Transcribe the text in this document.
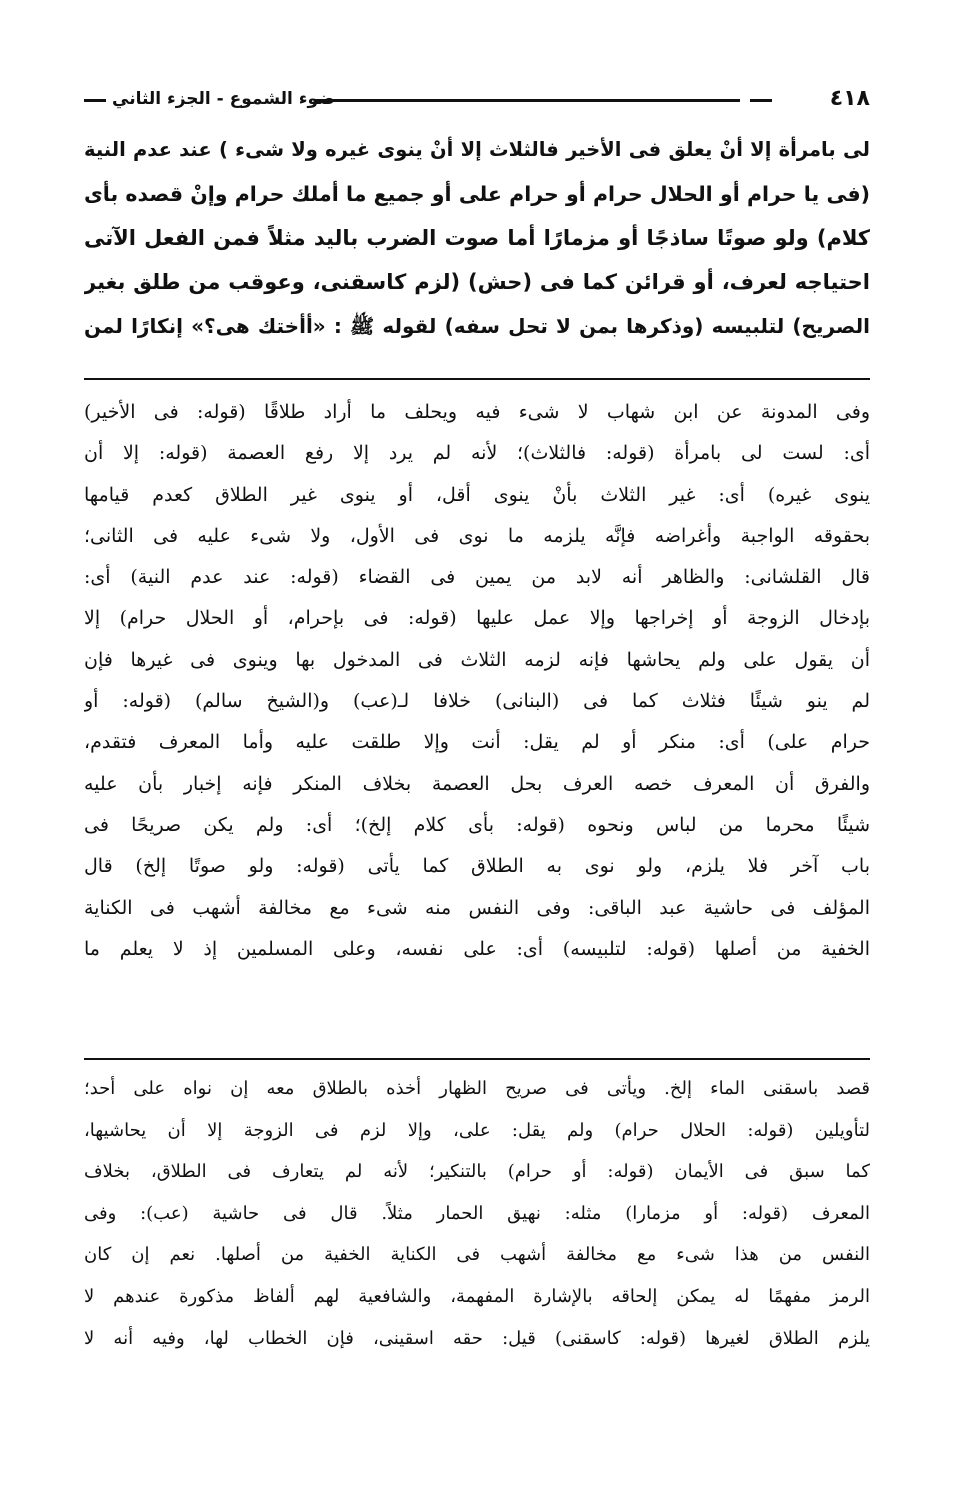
٤١٨
ضوء الشموع - الجزء الثاني
لى بامرأة إلا أنْ يعلق فى الأخير فالثلاث إلا أنْ ينوى غيره ولا شىء ) عند عدم النية
(فى يا حرام أو الحلال حرام أو حرام على أو جميع ما أملك حرام وإنْ قصده بأى
كلام) ولو صوتًا ساذجًا أو مزمارًا أما صوت الضرب باليد مثلاً فمن الفعل الآتى
احتياجه لعرف، أو قرائن كما فى (حش) (لزم كاسقنى، وعوقب من طلق بغير
الصريح) لتلبيسه (وذكرها بمن لا تحل سفه) لقوله ﷺ : «أأختك هى؟» إنكارًا لمن
وفى المدونة عن ابن شهاب لا شىء فيه ويحلف ما أراد طلاقًا (قوله: فى الأخير)
أى: لست لى بامرأة (قوله: فالثلاث)؛ لأنه لم يرد إلا رفع العصمة (قوله: إلا أن
ينوى غيره) أى: غير الثلاث بأنْ ينوى أقل، أو ينوى غير الطلاق كعدم قيامها
بحقوقه الواجبة وأغراضه فإنَّه يلزمه ما نوى فى الأول، ولا شىء عليه فى الثانى؛
قال القلشانى: والظاهر أنه لابد من يمين فى القضاء (قوله: عند عدم النية) أى:
بإدخال الزوجة أو إخراجها وإلا عمل عليها (قوله: فى بإحرام، أو الحلال حرام) إلا
أن يقول على ولم يحاشها فإنه لزمه الثلاث فى المدخول بها وينوى فى غيرها فإن
لم ينو شيئًا فثلاث كما فى (البنانى) خلافا لـ(عب) و(الشيخ سالم) (قوله: أو
حرام على) أى: منكر أو لم يقل: أنت وإلا طلقت عليه وأما المعرف فتقدم،
والفرق أن المعرف خصه العرف بحل العصمة بخلاف المنكر فإنه إخبار بأن عليه
شيئًا محرما من لباس ونحوه (قوله: بأى كلام إلخ)؛ أى: ولم يكن صريحًا فى
باب آخر فلا يلزم، ولو نوى به الطلاق كما يأتى (قوله: ولو صوتًا إلخ) قال
المؤلف فى حاشية عبد الباقى: وفى النفس منه شىء مع مخالفة أشهب فى الكناية
الخفية من أصلها (قوله: لتلبيسه) أى: على نفسه، وعلى المسلمين إذ لا يعلم ما
قصد باسقنى الماء إلخ. ويأتى فى صريح الظهار أخذه بالطلاق معه إن نواه على أحد؛
لتأويلين (قوله: الحلال حرام) ولم يقل: على، وإلا لزم فى الزوجة إلا أن يحاشيها،
كما سبق فى الأيمان (قوله: أو حرام) بالتنكير؛ لأنه لم يتعارف فى الطلاق، بخلاف
المعرف (قوله: أو مزمارا) مثله: نهيق الحمار مثلاً. قال فى حاشية (عب): وفى
النفس من هذا شىء مع مخالفة أشهب فى الكناية الخفية من أصلها. نعم إن كان
الرمز مفهمًا له يمكن إلحاقه بالإشارة المفهمة، والشافعية لهم ألفاظ مذكورة عندهم لا
يلزم الطلاق لغيرها (قوله: كاسقنى) قيل: حقه اسقينى، فإن الخطاب لها، وفيه أنه لا
